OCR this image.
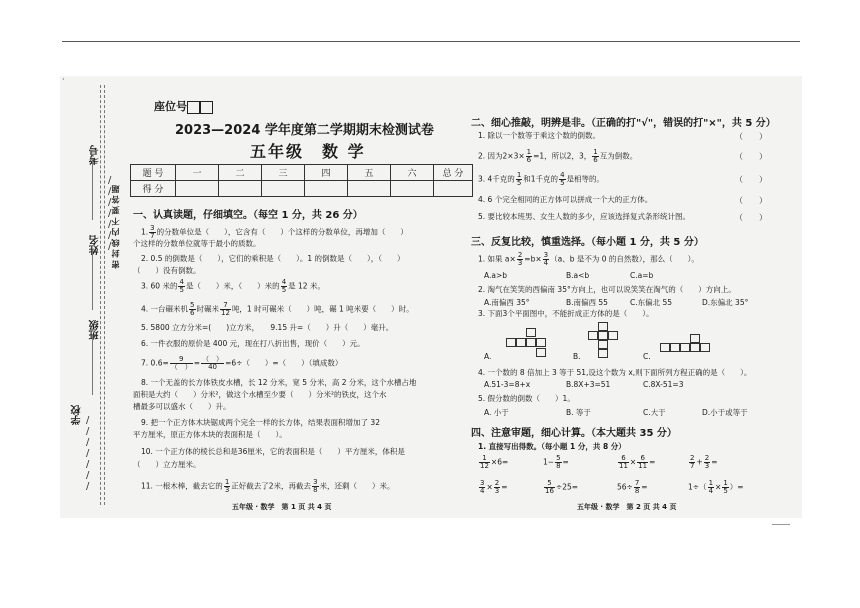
·
密 封 线 内 不 要 答 题
学校
班级
姓名
考号
/
/
/
/
/
/
/
/
/
/
/
/
/
/
座位号
2023—2024 学年度第二学期期末检测试卷
五年级　数 学
题 号	一	二	三	四	五	六	总 分
得 分							
一、认真读题，仔细填空。（每空 1 分，共 26 分）
1. $\frac{3}{7}$ 的分数单位是（　　），它含有（　　）个这样的分数单位，再增加（　　）
个这样的分数单位就等于最小的质数。
2. 0.5 的倒数是（　　），它们的乘积是（　　）。1 的倒数是（　　），（　　）
（　　）没有倒数。
3. 60 米的 $\frac{4}{5}$ 是（　　）米，（　　）米的 $\frac{4}{5}$ 是 12 米。
4. 一台碾米机 $\frac{5}{6}$ 时碾米 $\frac{7}{12}$ 吨，1 时可碾米（　　）吨，碾 1 吨米要（　　）时。
5. 5800 立方分米=(　　)立方米，　　9.15 升=（　　）升（　　）毫升。
6. 一件衣服的原价是 400 元，现在打八折出售，现价（　　）元。
7. $0.6= \frac{9}{( )} = \frac{( )}{40} =6\div$（　　）=（　　）（填成数）
8. 一个无盖的长方体铁皮水槽，长 12 分米，宽 5 分米，高 2 分米，这个水槽占地
面积是大约（　　）分米²，做这个水槽至少要（　　）分米²的铁皮，这个水
槽最多可以盛水（　　）升。
9. 把一个正方体木块锯成两个完全一样的长方体，结果表面积增加了 32
平方厘米，原正方体木块的表面积是（　　）。
10. 一个正方体的棱长总和是36厘米，它的表面积是（　　）平方厘米，体积是
（　　）立方厘米。
11. 一根木棒，截去它的 $\frac{1}{3}$ 正好截去了2米，再截去 $\frac{3}{8}$ 米，还剩（　　）米。
五年级 · 数学　第 1 页 共 4 页
二、细心推敲，明辨是非。（正确的打"√"，错误的打"×"，共 5 分）
1. 除以一个数等于乘这个数的倒数。	（　　）
2. 因为$2\times 3\times \frac{1}{6} =1$，所以2，3， $\frac{1}{6}$ 互为倒数。	（　　）
3. 4千克的 $\frac{1}{5}$ 和1千克的 $\frac{4}{5}$ 是相等的。	（　　）
4. 6 个完全相同的正方体可以拼成一个大的正方体。	（　　）
5. 要比较本班男、女生人数的多少，应该选择复式条形统计图。	（　　）
三、反复比较，慎重选择。（每小题 1 分，共 5 分）
1. 如果 $a\times \frac{2}{3} =b\times \frac{3}{4} (a$、b 是不为 0 的自然数），那么（　　）。
A.a>b	B.a<b	C.a=b
2. 淘气在笑笑的西偏南 35°方向上，也可以说笑笑在淘气的（　　）方向上。
A.南偏西 35°	B.南偏西 55	C.东偏北 55	D.东偏北 35°
3. 下面3个平面图中，不能折成正方体的是（　　）。
A.	B.	C.
4. 一个数的 8 倍加上 3 等于 51,设这个数为 x,则下面所列方程正确的是（　　）。
A.51-3=8+x	B.8X+3=51	C.8X-51=3
5. 假分数的倒数（　　）1。
A. 小于	B. 等于	C.大于	D.小于或等于
四、注意审题，细心计算。（本大题共 35 分）
1. 直接写出得数。（每小题 1 分，共 8 分）
$\frac{1}{12} \times 6=$	$1- \frac{5}{8}$ =	$\frac{6}{11} \times \frac{6}{11}$ =	$\frac{2}{7} + \frac{2}{3}$ =
$\frac{3}{4} \times \frac{2}{3}$ =	$\frac{5}{16} \div 25=$	$56\div \frac{7}{8}$ =	$1\div( \frac{1}{4} \times \frac{1}{5}$ ）=
五年级 · 数学　第 2 页 共 4 页
